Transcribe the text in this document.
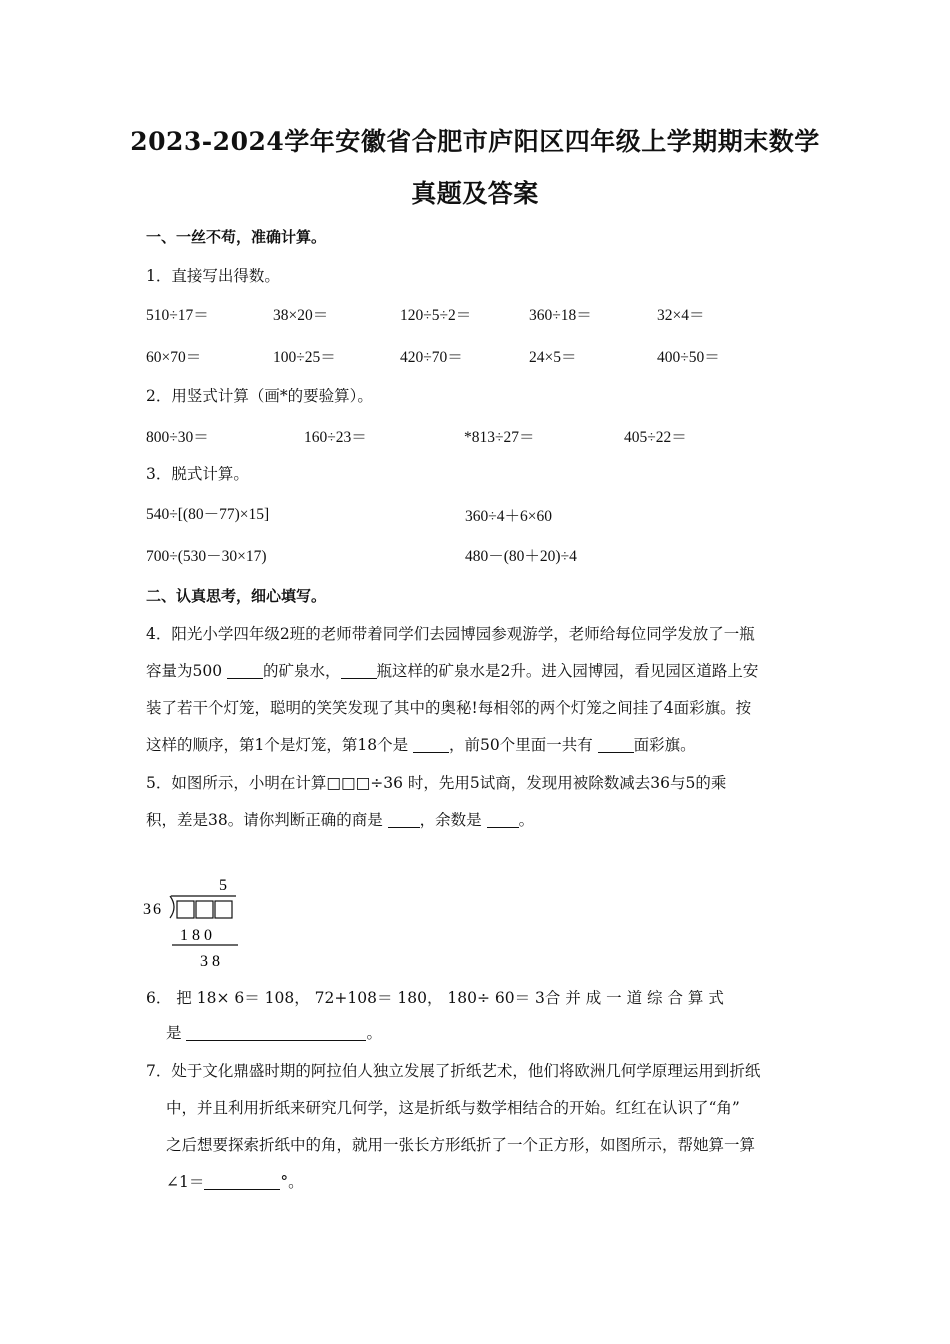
2023-2024学年安徽省合肥市庐阳区四年级上学期期末数学
真题及答案
一、一丝不苟，准确计算。
1．直接写出得数。
510÷17＝	38×20＝	120÷5÷2＝	360÷18＝	32×4＝
60×70＝	100÷25＝	420÷70＝	24×5＝	400÷50＝
2．用竖式计算（画*的要验算）。
800÷30＝	160÷23＝	*813÷27＝	405÷22＝
3．脱式计算。
540÷[(80－77)×15]	360÷4＋6×60
700÷(530－30×17)	480－(80＋20)÷4
二、认真思考，细心填写。
4．阳光小学四年级2班的老师带着同学们去园博园参观游学，老师给每位同学发放了一瓶
容量为500 的矿泉水， 瓶这样的矿泉水是2升。进入园博园，看见园区道路上安
装了若干个灯笼，聪明的笑笑发现了其中的奥秘!每相邻的两个灯笼之间挂了4面彩旗。按
这样的顺序，第1个是灯笼，第18个是 ，前50个里面一共有 面彩旗。
5．如图所示，小明在计算□□□÷36 时，先用5试商，发现用被除数减去36与5的乘
积，差是38。请你判断正确的商是 ，余数是 。
5
36
1 8 0
3 8
6． 把 18× 6＝ 108， 72+108＝ 180， 180÷ 60＝ 3合 并 成 一 道 综 合 算 式
是	。
7．处于文化鼎盛时期的阿拉伯人独立发展了折纸艺术，他们将欧洲几何学原理运用到折纸
中，并且利用折纸来研究几何学，这是折纸与数学相结合的开始。红红在认识了“角”
之后想要探索折纸中的角，就用一张长方形纸折了一个正方形，如图所示，帮她算一算
∠1＝	°。
